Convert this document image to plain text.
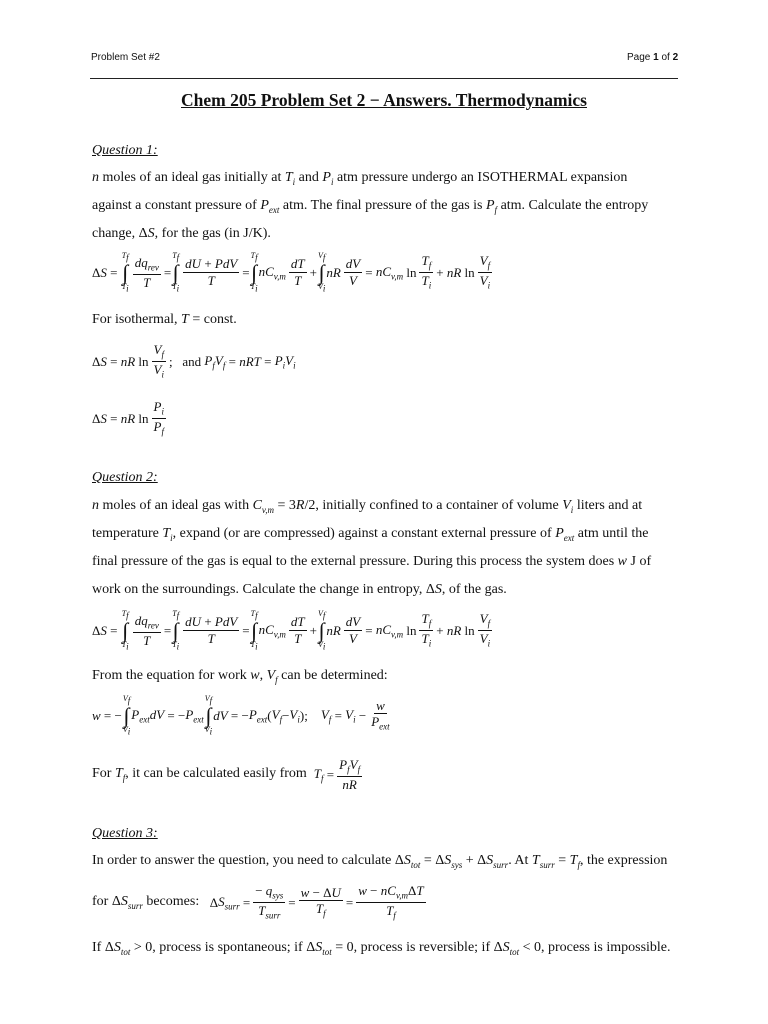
Problem Set #2	Page 1 of 2
Chem 205 Problem Set 2 − Answers. Thermodynamics
Question 1:
n moles of an ideal gas initially at $T_i$ and $P_i$ atm pressure undergo an ISOTHERMAL expansion
against a constant pressure of $P_{ext}$ atm. The final pressure of the gas is $P_f$ atm. Calculate the entropy
change, ΔS, for the gas (in J/K).
Δ S =
$T_f$
∫
$T_i \frac{dq_{rev}}{T}$ =
$T_f$
∫
$T_i$
$\frac{\text{dU + PdV}}{T}$ =
$T_f$
∫
$T_i$
$nC_{v,m} \frac{dT}{T}$ +
$V_f$
∫
$V_i$
nR $\frac{dV}{V} = nC_{v,m}$ $\ln \frac{T_f}{T_i}$ + nR $\ln \frac{V_f}{V_i}$
For isothermal, T = const.
Δ S = nR $\ln \frac{V_f}{V_i}$ ;   and $P_fV_f$ = nRT = $P_iV_i$
Δ S = nR $\ln \frac{P_i}{P_f}$
Question 2:
n moles of an ideal gas with $C_{v,m} = 3R/2$, initially confined to a container of volume $V_i$ liters and at
temperature $T_i$, expand (or are compressed) against a constant external pressure of $P_{ext}$ atm until the
final pressure of the gas is equal to the external pressure. During this process the system does w J of
work on the surroundings. Calculate the change in entropy, ΔS, of the gas.
Δ S =
$T_f$
∫
$T_i \frac{dq_{rev}}{T}$ =
$T_f$
∫
$T_i$
$\frac{\text{dU + PdV}}{T}$ =
$T_f$
∫
$T_i$
$nC_{v,m} \frac{dT}{T}$ +
$V_f$
∫
$V_i$
nR $\frac{dV}{V} = nC_{v,m}$ $\ln \frac{T_f}{T_i}$ + nR $\ln \frac{V_f}{V_i}$
From the equation for work w, $V_f$ can be determined:
w = −
$V_f$
∫
$V_i$
$P_{ext}dV$ = − $P_{ext}$
$V_f$
∫
$V_i$
dV = − $P_{ext}$ ( $V_f - V_i$ ); $V_f = V_i - \frac{w}{P_{ext}}$
For $T_f$, it can be calculated easily from $T_f = \frac{P_fV_f}{nR}$
Question 3:
In order to answer the question, you need to calculate $\Delta S_{tot} = \Delta S_{sys} + \Delta S_{surr}$. At $T_{surr} = T_f$, the expression
for $\Delta S_{surr}$ becomes: Δ $S_{surr} = \frac{- q_{sys}}{T_{surr}} = \frac{w - \Delta U}{T_f} = \frac{w - nC_{v,m}\Delta T}{T_f}$
If $\Delta S_{tot} > 0$, process is spontaneous; if $\Delta S_{tot} = 0$, process is reversible; if $\Delta S_{tot} < 0$, process is impossible.
